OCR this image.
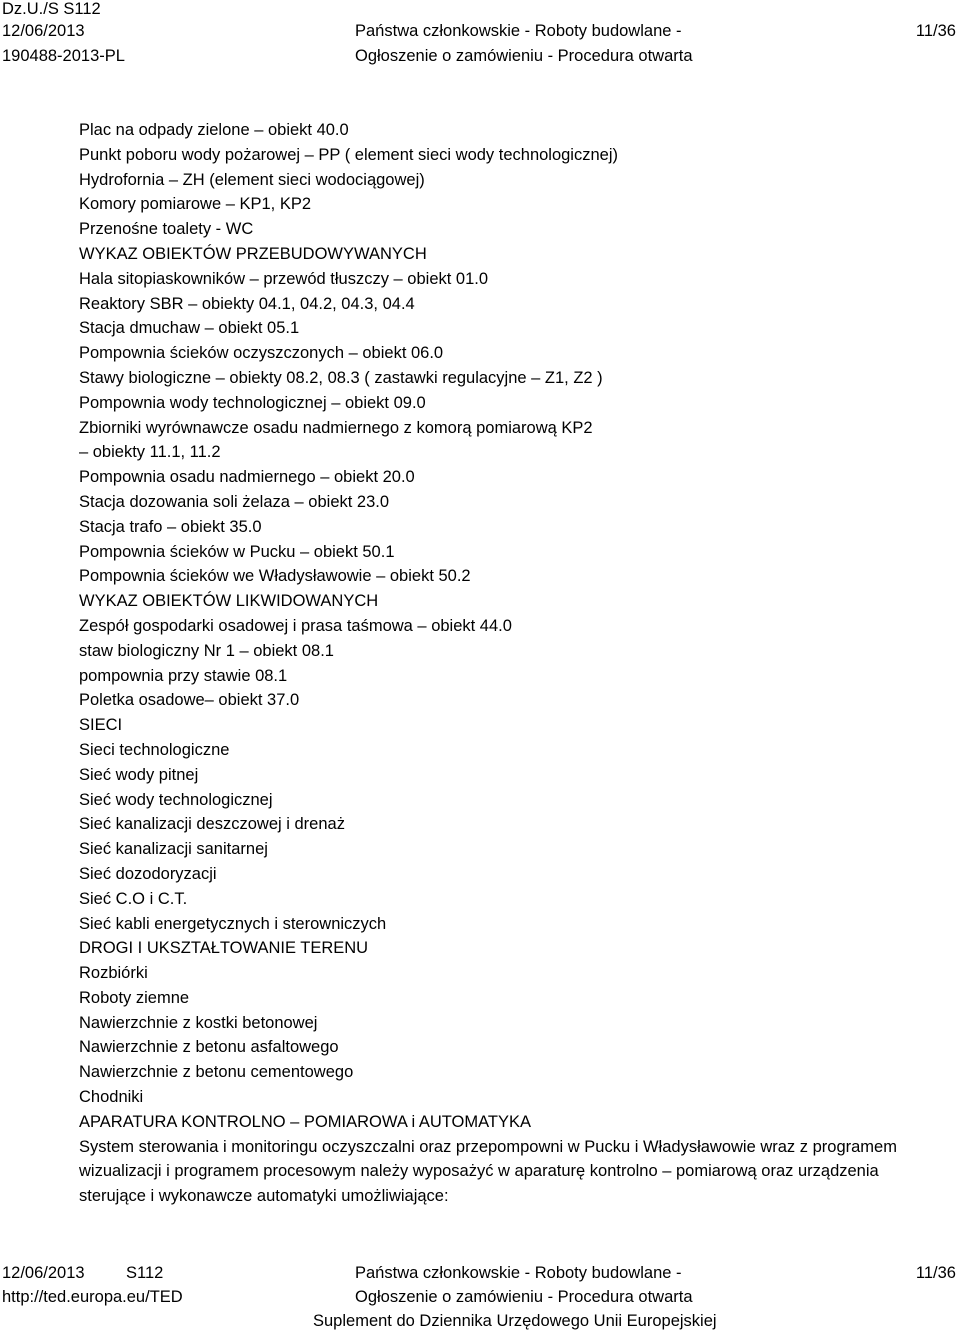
Dz.U./S S112
12/06/2013
190488-2013-PL
Państwa członkowskie - Roboty budowlane -
Ogłoszenie o zamówieniu - Procedura otwarta
11/36
Plac na odpady zielone – obiekt 40.0
Punkt poboru wody pożarowej – PP ( element sieci wody technologicznej)
Hydrofornia – ZH (element sieci wodociągowej)
Komory pomiarowe – KP1, KP2
Przenośne toalety - WC
WYKAZ OBIEKTÓW PRZEBUDOWYWANYCH
Hala sitopiaskowników – przewód tłuszczy – obiekt 01.0
Reaktory SBR – obiekty 04.1, 04.2, 04.3, 04.4
Stacja dmuchaw – obiekt 05.1
Pompownia ścieków oczyszczonych – obiekt 06.0
Stawy biologiczne – obiekty 08.2, 08.3 ( zastawki regulacyjne – Z1, Z2 )
Pompownia wody technologicznej – obiekt 09.0
Zbiorniki wyrównawcze osadu nadmiernego z komorą pomiarową KP2
– obiekty 11.1, 11.2
Pompownia osadu nadmiernego – obiekt 20.0
Stacja dozowania soli żelaza – obiekt 23.0
Stacja trafo – obiekt 35.0
Pompownia ścieków w Pucku – obiekt 50.1
Pompownia ścieków we Władysławowie – obiekt 50.2
WYKAZ OBIEKTÓW LIKWIDOWANYCH
Zespół gospodarki osadowej i prasa taśmowa – obiekt 44.0
staw biologiczny Nr 1 – obiekt 08.1
pompownia przy stawie 08.1
Poletka osadowe– obiekt 37.0
SIECI
Sieci technologiczne
Sieć wody pitnej
Sieć wody technologicznej
Sieć kanalizacji deszczowej i drenaż
Sieć kanalizacji sanitarnej
Sieć dozodoryzacji
Sieć C.O i C.T.
Sieć kabli energetycznych i sterowniczych
DROGI I UKSZTAŁTOWANIE TERENU
Rozbiórki
Roboty ziemne
Nawierzchnie z kostki betonowej
Nawierzchnie z betonu asfaltowego
Nawierzchnie z betonu cementowego
Chodniki
APARATURA KONTROLNO – POMIAROWA i AUTOMATYKA
System sterowania i monitoringu oczyszczalni oraz przepompowni w Pucku i Władysławowie wraz z programem
wizualizacji i programem procesowym należy wyposażyć w aparaturę kontrolno – pomiarową oraz urządzenia
sterujące i wykonawcze automatyki umożliwiające:
12/06/2013	S112
http://ted.europa.eu/TED
Państwa członkowskie - Roboty budowlane -
Ogłoszenie o zamówieniu - Procedura otwarta
Suplement do Dziennika Urzędowego Unii Europejskiej
11/36
